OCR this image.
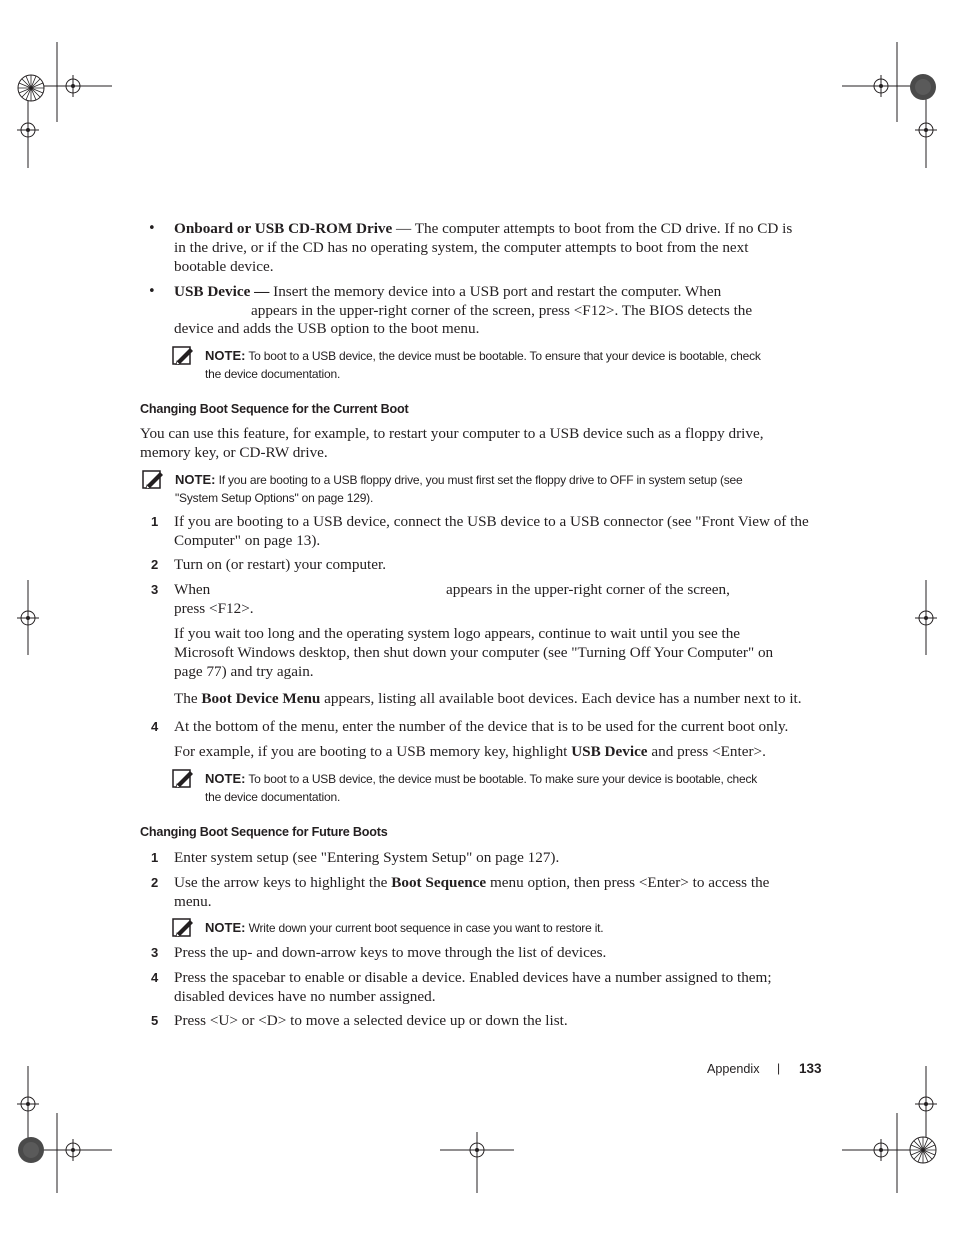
• Onboard or USB CD-ROM Drive — The computer attempts to boot from the CD drive. If no CD is
in the drive, or if the CD has no operating system, the computer attempts to boot from the next
bootable device.
• USB Device — Insert the memory device into a USB port and restart the computer. When
appears in the upper-right corner of the screen, press <F12>. The BIOS detects the
device and adds the USB option to the boot menu.
NOTE: To boot to a USB device, the device must be bootable. To ensure that your device is bootable, check
the device documentation.
Changing Boot Sequence for the Current Boot
You can use this feature, for example, to restart your computer to a USB device such as a floppy drive,
memory key, or CD-RW drive.
NOTE: If you are booting to a USB floppy drive, you must first set the floppy drive to OFF in system setup (see
"System Setup Options" on page 129).
1 If you are booting to a USB device, connect the USB device to a USB connector (see "Front View of the
Computer" on page 13).
2 Turn on (or restart) your computer.
3 When	appears in the upper-right corner of the screen,
press <F12>.
If you wait too long and the operating system logo appears, continue to wait until you see the
Microsoft Windows desktop, then shut down your computer (see "Turning Off Your Computer" on
page 77) and try again.
The Boot Device Menu appears, listing all available boot devices. Each device has a number next to it.
4 At the bottom of the menu, enter the number of the device that is to be used for the current boot only.
For example, if you are booting to a USB memory key, highlight USB Device and press <Enter>.
NOTE: To boot to a USB device, the device must be bootable. To make sure your device is bootable, check
the device documentation.
Changing Boot Sequence for Future Boots
1 Enter system setup (see "Entering System Setup" on page 127).
2 Use the arrow keys to highlight the Boot Sequence menu option, then press <Enter> to access the
menu.
NOTE: Write down your current boot sequence in case you want to restore it.
3 Press the up- and down-arrow keys to move through the list of devices.
4 Press the spacebar to enable or disable a device. Enabled devices have a number assigned to them;
disabled devices have no number assigned.
5 Press <U> or <D> to move a selected device up or down the list.
Appendix | 133
